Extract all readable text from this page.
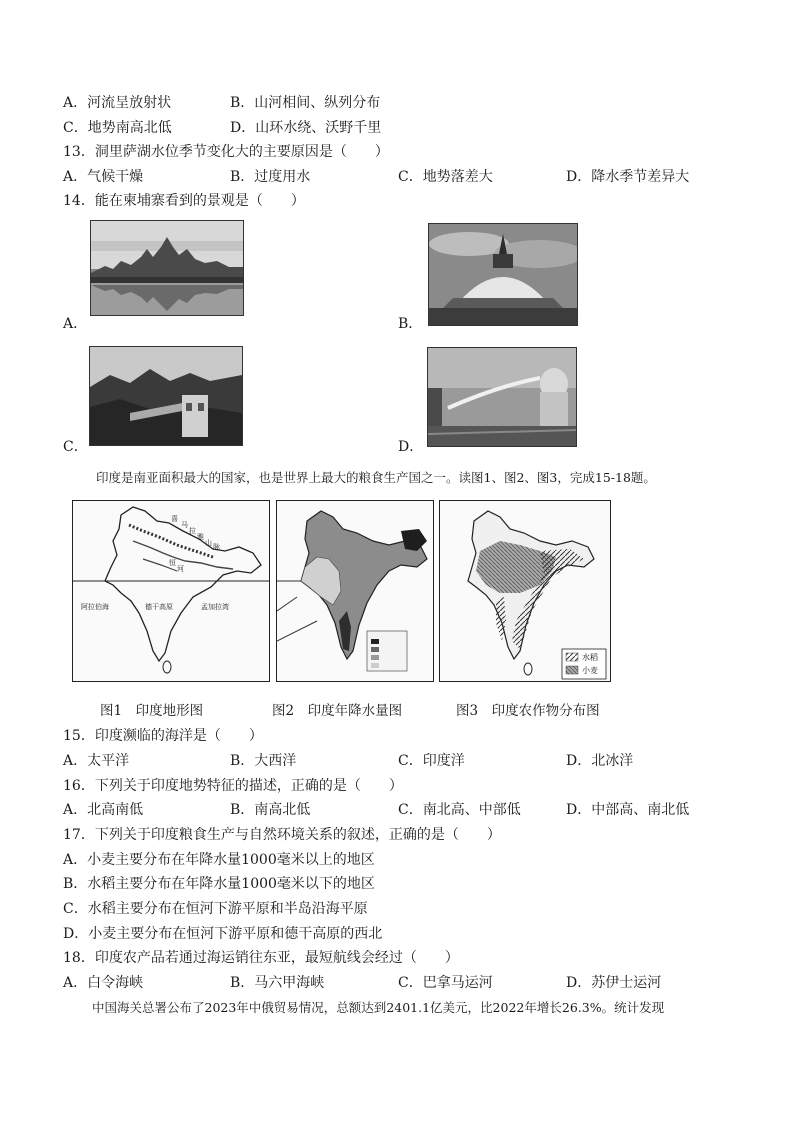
A．河流呈放射状	B．山河相间、纵列分布
C．地势南高北低	D．山环水绕、沃野千里
13．洞里萨湖水位季节变化大的主要原因是（　　）
A．气候干燥	B．过度用水	C．地势落差大	D．降水季节差异大
14．能在柬埔寨看到的景观是（　　）
A．	B．
C．	D．
印度是南亚面积最大的国家，也是世界上最大的粮食生产国之一。读图1、图2、图3，完成15-18题。
喜
马
拉
雅
山 脉
恒
河
阿拉伯海	德干高原	孟加拉湾
水稻
小麦
图1　印度地形图	图2　印度年降水量图	图3　印度农作物分布图
15．印度濒临的海洋是（　　）
A．太平洋	B．大西洋	C．印度洋	D．北冰洋
16．下列关于印度地势特征的描述，正确的是（　　）
A．北高南低	B．南高北低	C．南北高、中部低	D．中部高、南北低
17．下列关于印度粮食生产与自然环境关系的叙述，正确的是（　　）
A．小麦主要分布在年降水量1000毫米以上的地区
B．水稻主要分布在年降水量1000毫米以下的地区
C．水稻主要分布在恒河下游平原和半岛沿海平原
D．小麦主要分布在恒河下游平原和德干高原的西北
18．印度农产品若通过海运销往东亚，最短航线会经过（　　）
A．白令海峡	B．马六甲海峡	C．巴拿马运河	D．苏伊士运河
中国海关总署公布了2023年中俄贸易情况，总额达到2401.1亿美元，比2022年增长26.3%。统计发现
